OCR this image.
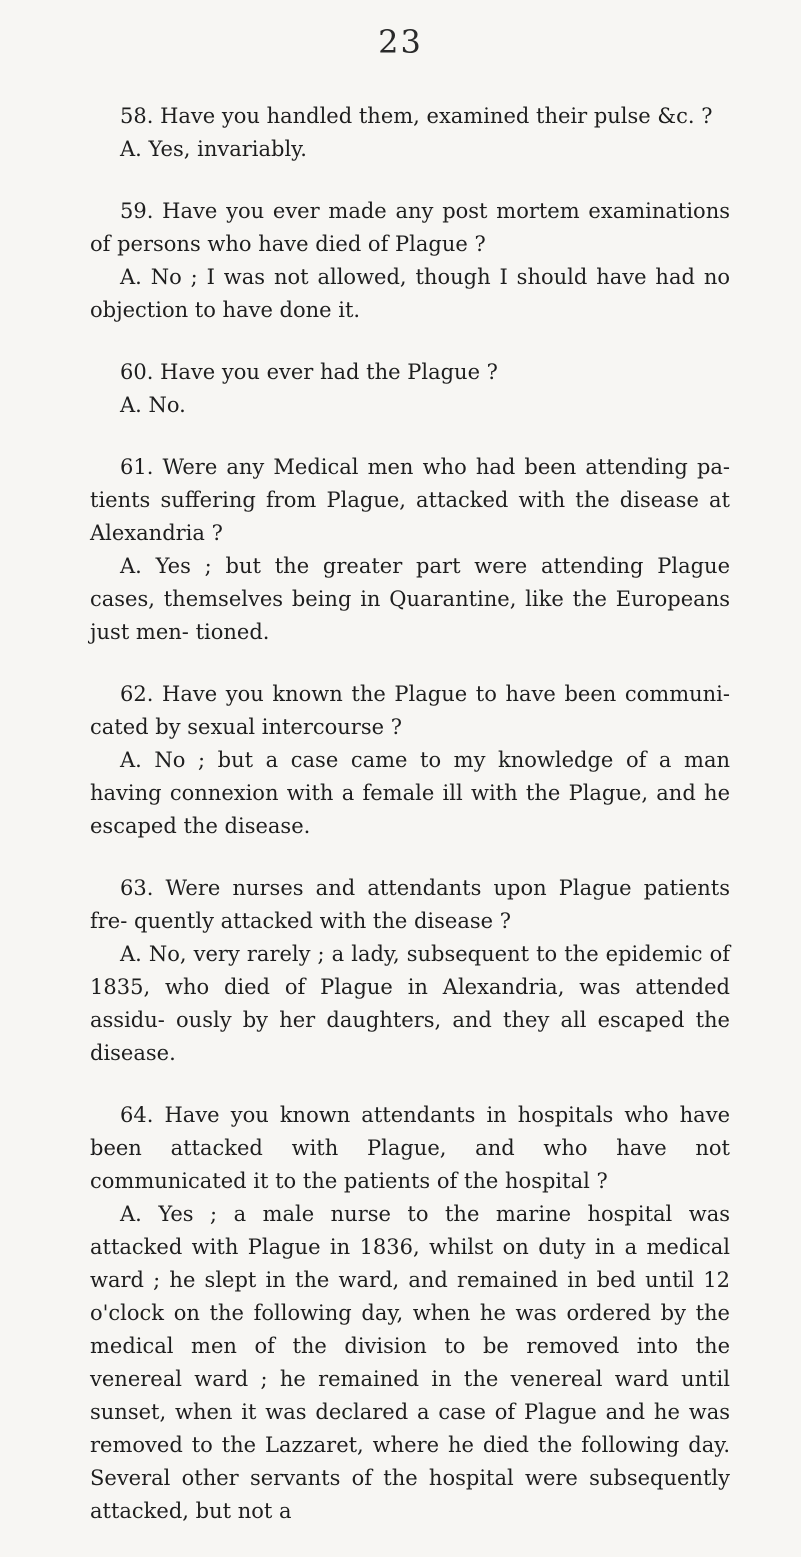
23

58. Have you handled them, examined their pulse &c. ?

A. Yes, invariably.

59. Have you ever made any post mortem examinations of persons who have died of Plague ?

A. No ; I was not allowed, though I should have had no objection to have done it.

60. Have you ever had the Plague ?

A. No.

61. Were any Medical men who had been attending pa- tients suffering from Plague, attacked with the disease at Alexandria ?

A. Yes ; but the greater part were attending Plague cases, themselves being in Quarantine, like the Europeans just men- tioned.

62. Have you known the Plague to have been communi- cated by sexual intercourse ?

A. No ; but a case came to my knowledge of a man having connexion with a female ill with the Plague, and he escaped the disease.

63. Were nurses and attendants upon Plague patients fre- quently attacked with the disease ?

A. No, very rarely ; a lady, subsequent to the epidemic of 1835, who died of Plague in Alexandria, was attended assidu- ously by her daughters, and they all escaped the disease.

64. Have you known attendants in hospitals who have been attacked with Plague, and who have not communicated it to the patients of the hospital ?

A. Yes ; a male nurse to the marine hospital was attacked with Plague in 1836, whilst on duty in a medical ward ; he slept in the ward, and remained in bed until 12 o'clock on the following day, when he was ordered by the medical men of the division to be removed into the venereal ward ; he remained in the venereal ward until sunset, when it was declared a case of Plague and he was removed to the Lazzaret, where he died the following day. Several other servants of the hospital were subsequently attacked, but not a
